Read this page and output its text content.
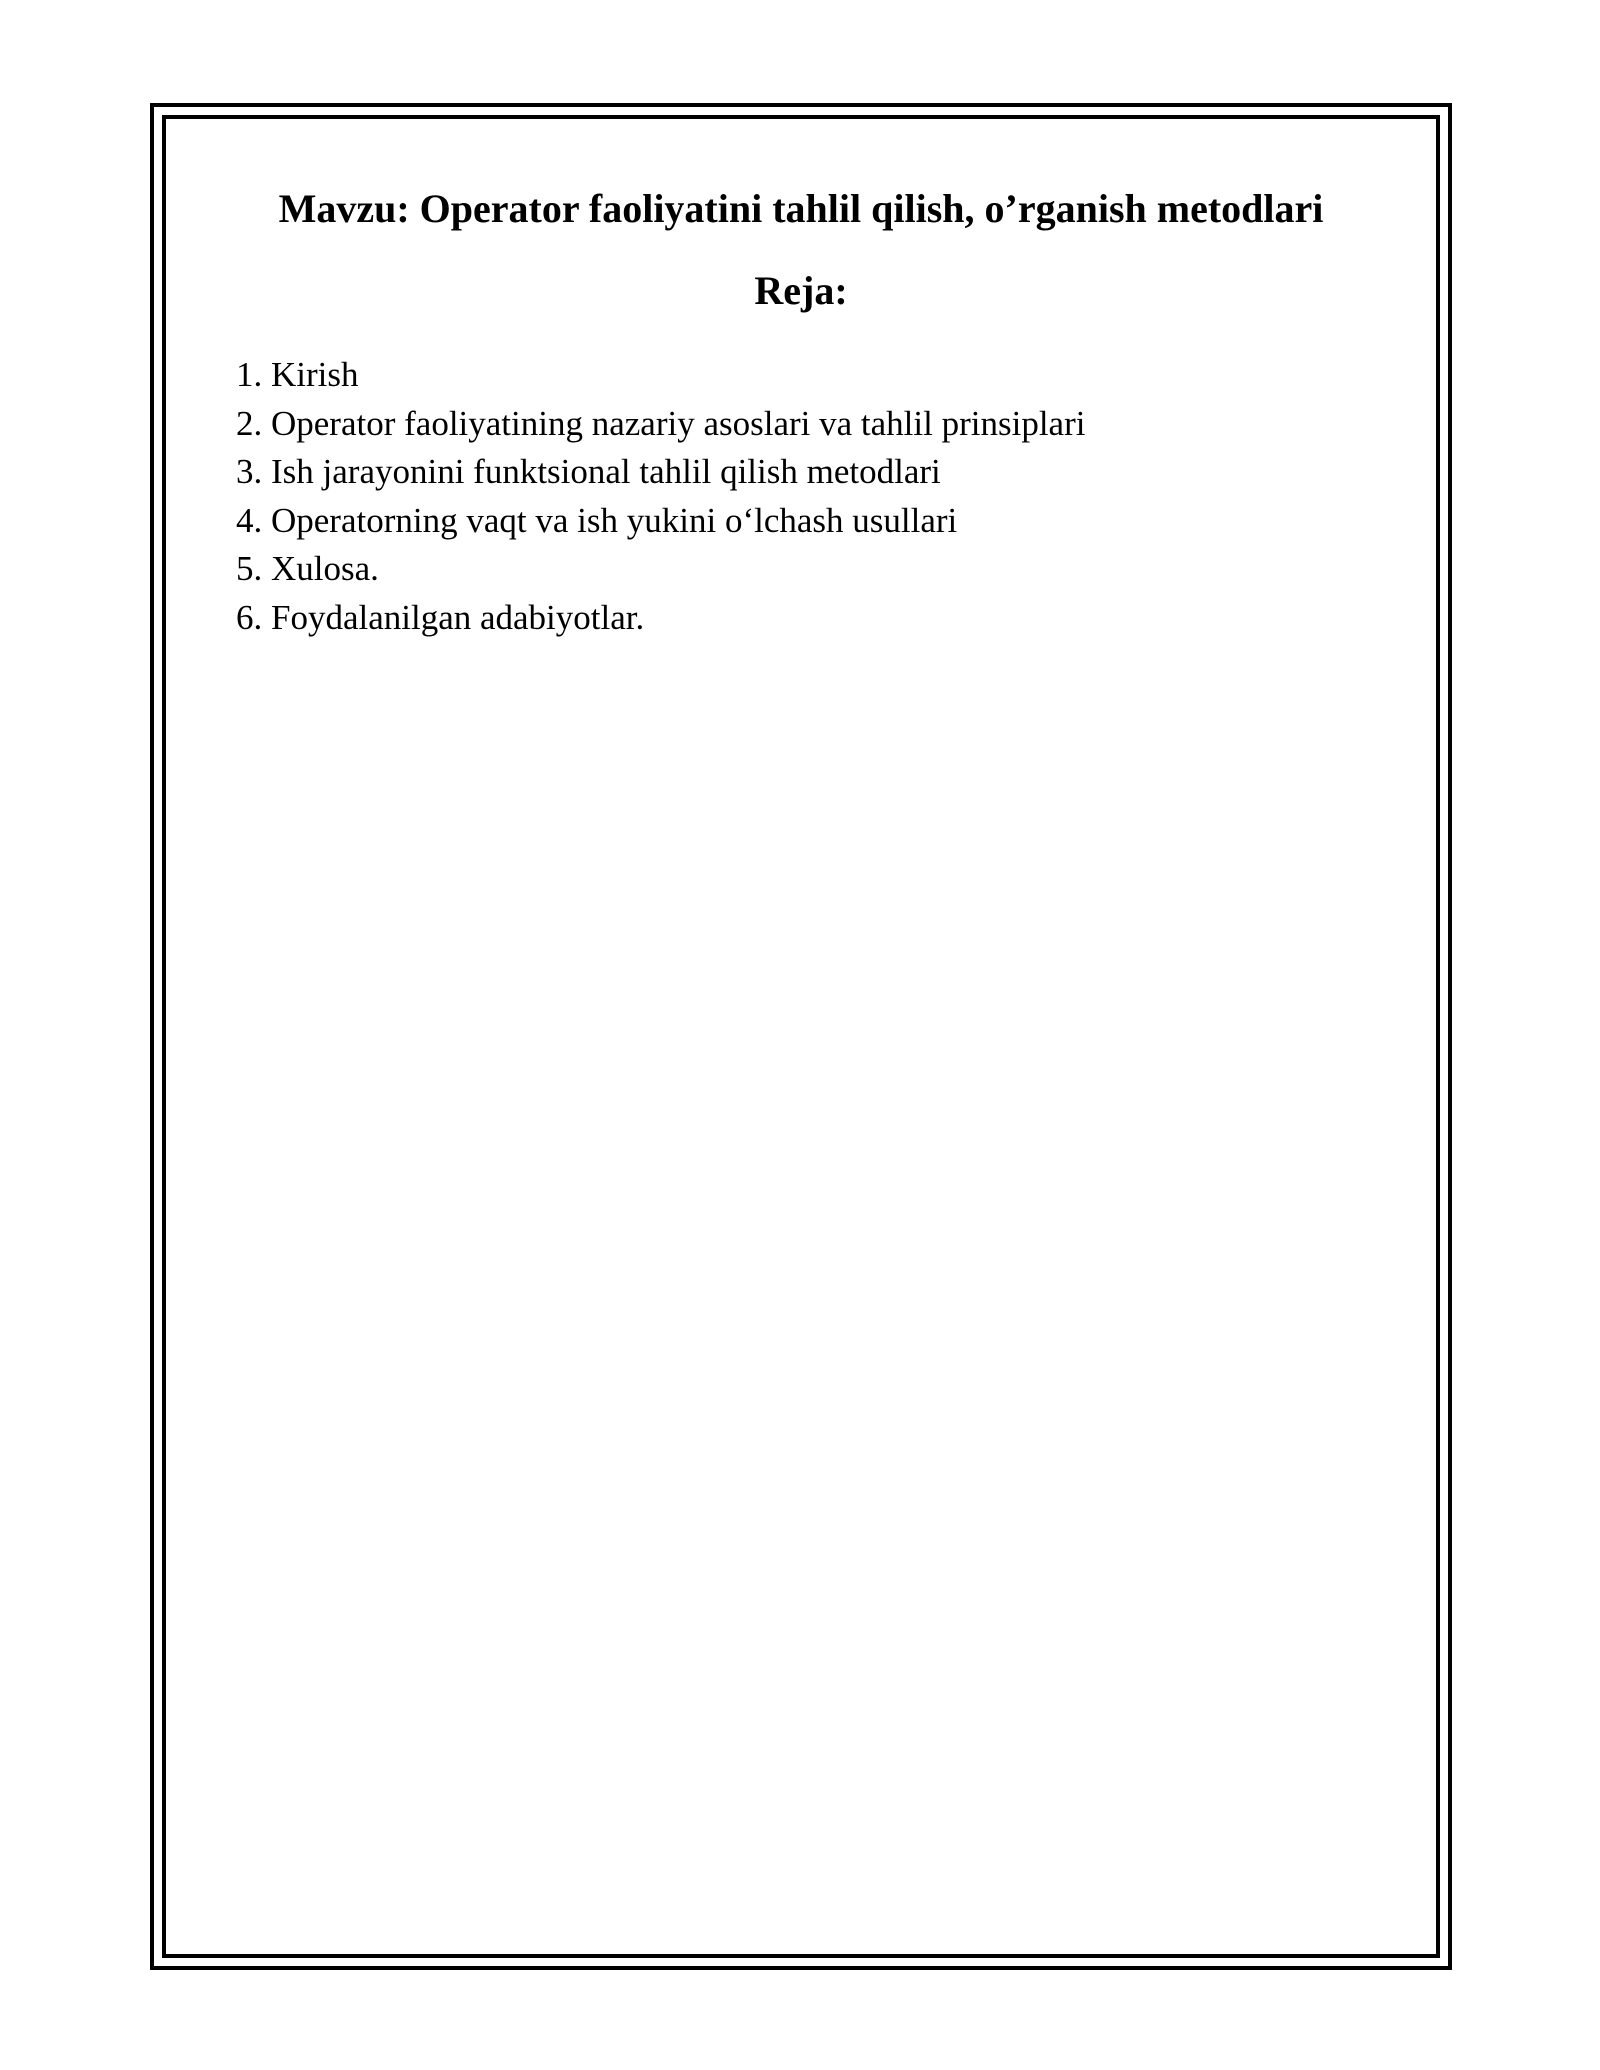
Mavzu: Operator faoliyatini tahlil qilish, o’rganish metodlari
Reja:
1. Kirish
2. Operator faoliyatining nazariy asoslari va tahlil prinsiplari
3. Ish jarayonini funktsional tahlil qilish metodlari
4. Operatorning vaqt va ish yukini o‘lchash usullari
5. Xulosa.
6. Foydalanilgan adabiyotlar.
